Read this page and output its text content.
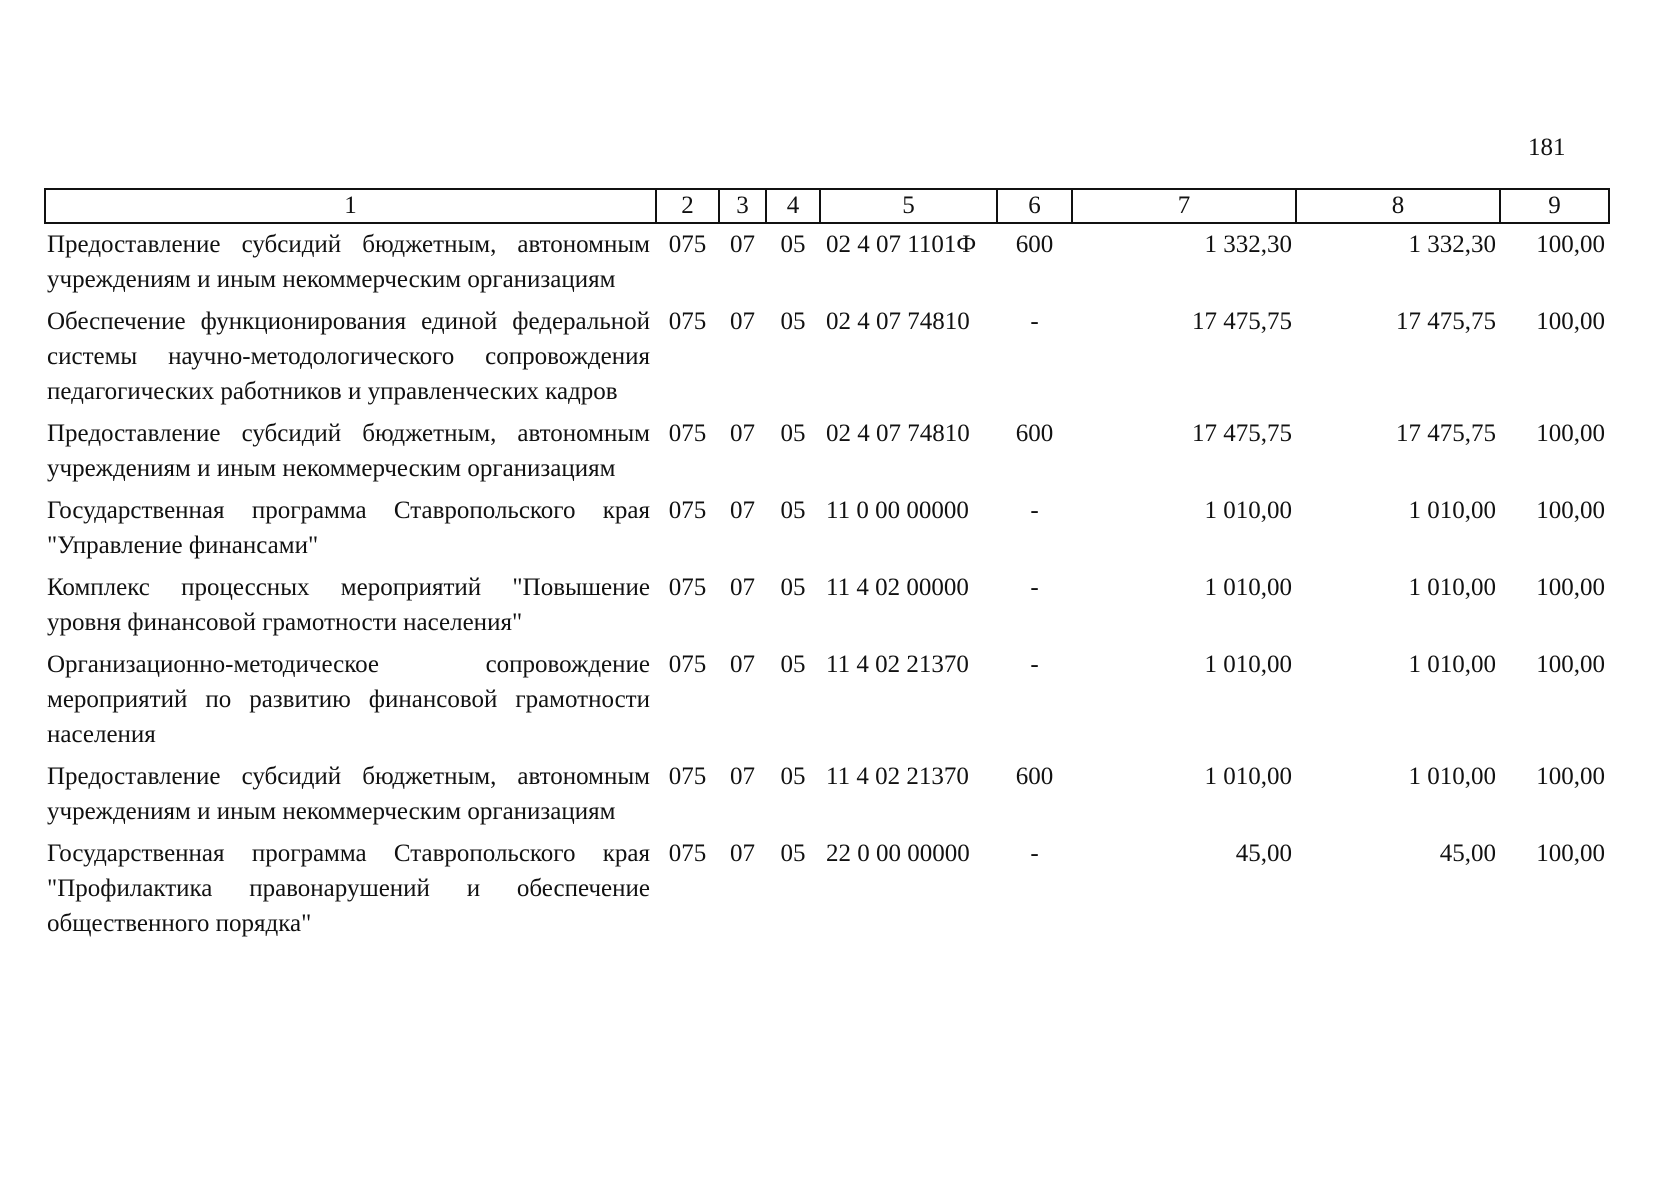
181
1	2	3	4	5	6	7	8	9
Предоставление субсидий бюджетным, автономным учреждениям и иным некоммерческим организациям	075	07	05	02 4 07 1101Ф	600	1 332,30	1 332,30	100,00
Обеспечение функционирования единой федеральной системы научно-методологического сопровождения педагогических работников и управленческих кадров	075	07	05	02 4 07 74810	-	17 475,75	17 475,75	100,00
Предоставление субсидий бюджетным, автономным учреждениям и иным некоммерческим организациям	075	07	05	02 4 07 74810	600	17 475,75	17 475,75	100,00
Государственная программа Ставропольского края "Управление финансами"	075	07	05	11 0 00 00000	-	1 010,00	1 010,00	100,00
Комплекс процессных мероприятий "Повышение уровня финансовой грамотности населения"	075	07	05	11 4 02 00000	-	1 010,00	1 010,00	100,00
Организационно-методическое сопровождение мероприятий по развитию финансовой грамотности населения	075	07	05	11 4 02 21370	-	1 010,00	1 010,00	100,00
Предоставление субсидий бюджетным, автономным учреждениям и иным некоммерческим организациям	075	07	05	11 4 02 21370	600	1 010,00	1 010,00	100,00
Государственная программа Ставропольского края "Профилактика правонарушений и обеспечение общественного порядка"	075	07	05	22 0 00 00000	-	45,00	45,00	100,00
